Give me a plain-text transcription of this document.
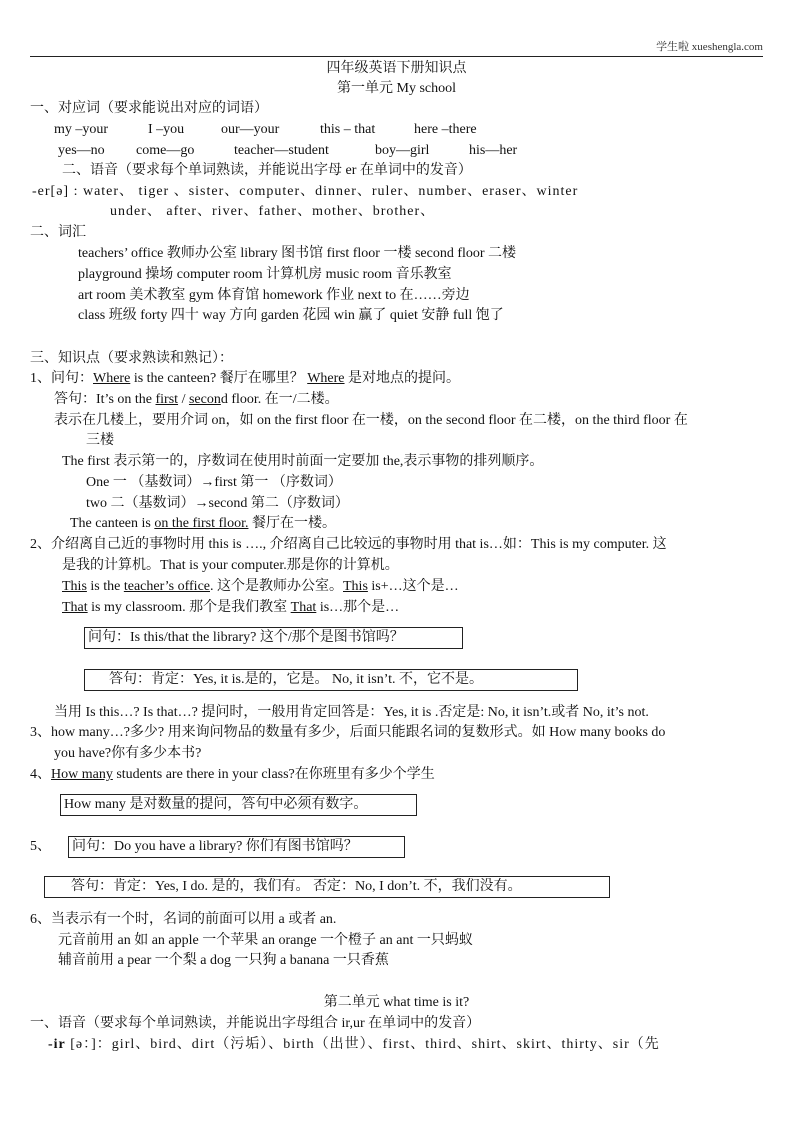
学生啦 xueshengla.com
四年级英语下册知识点
第一单元 My school
一、对应词（要求能说出对应的词语）
my –your	I –you	our—your	this – that	here –there
yes—no come—go	teacher—student	boy—girl	his—her
二、语音（要求每个单词熟读，并能说出字母 er 在单词中的发音）
-er[ə] : water、 tiger 、sister、computer、dinner、ruler、number、eraser、winter
under、 after、river、father、mother、brother、
二、词汇
teachers’ office 教师办公室 library 图书馆 first floor 一楼 second floor 二楼
playground 操场 computer room 计算机房 music room 音乐教室
art room 美术教室 gym 体育馆 homework 作业 next to 在……旁边
class 班级 forty 四十 way 方向 garden 花园 win 赢了 quiet 安静 full 饱了
三、知识点（要求熟读和熟记）：
1、问句：Where is the canteen? 餐厅在哪里？ Where 是对地点的提问。
答句：It’s on the first / second floor. 在一/二楼。
表示在几楼上，要用介词 on，如 on the first floor 在一楼，on the second floor 在二楼，on the third floor 在
三楼
The first 表示第一的，序数词在使用时前面一定要加 the,表示事物的排列顺序。
One 一 （基数词）→first 第一 （序数词）
two 二（基数词）→second 第二（序数词）
The canteen is on the first floor. 餐厅在一楼。
2、介绍离自己近的事物时用 this is …., 介绍离自己比较远的事物时用 that is…如：This is my computer. 这
是我的计算机。That is your computer.那是你的计算机。
This is the teacher’s office. 这个是教师办公室。This is+…这个是…
That is my classroom. 那个是我们教室 That is…那个是…
问句：Is this/that the library? 这个/那个是图书馆吗？
答句：肯定：Yes, it is.是的，它是。 No, it isn’t. 不，它不是。
当用 Is this…? Is that…? 提问时，一般用肯定回答是：Yes, it is .否定是: No, it isn’t.或者 No, it’s not.
3、how many…?多少? 用来询问物品的数量有多少，后面只能跟名词的复数形式。如 How many books do
you have?你有多少本书?
4、How many students are there in your class?在你班里有多少个学生
How many 是对数量的提问，答句中必须有数字。
5、 问句：Do you have a library? 你们有图书馆吗？
答句：肯定：Yes, I do. 是的，我们有。 否定：No, I don’t. 不，我们没有。
6、当表示有一个时，名词的前面可以用 a 或者 an.
元音前用 an 如 an apple 一个苹果 an orange 一个橙子 an ant 一只蚂蚁
辅音前用 a pear 一个梨 a dog 一只狗 a banana 一只香蕉
第二单元 what time is it?
一、语音（要求每个单词熟读，并能说出字母组合 ir,ur 在单词中的发音）
-ir [ə：]：girl、bird、dirt（污垢）、birth（出世）、first、third、shirt、skirt、thirty、sir（先
